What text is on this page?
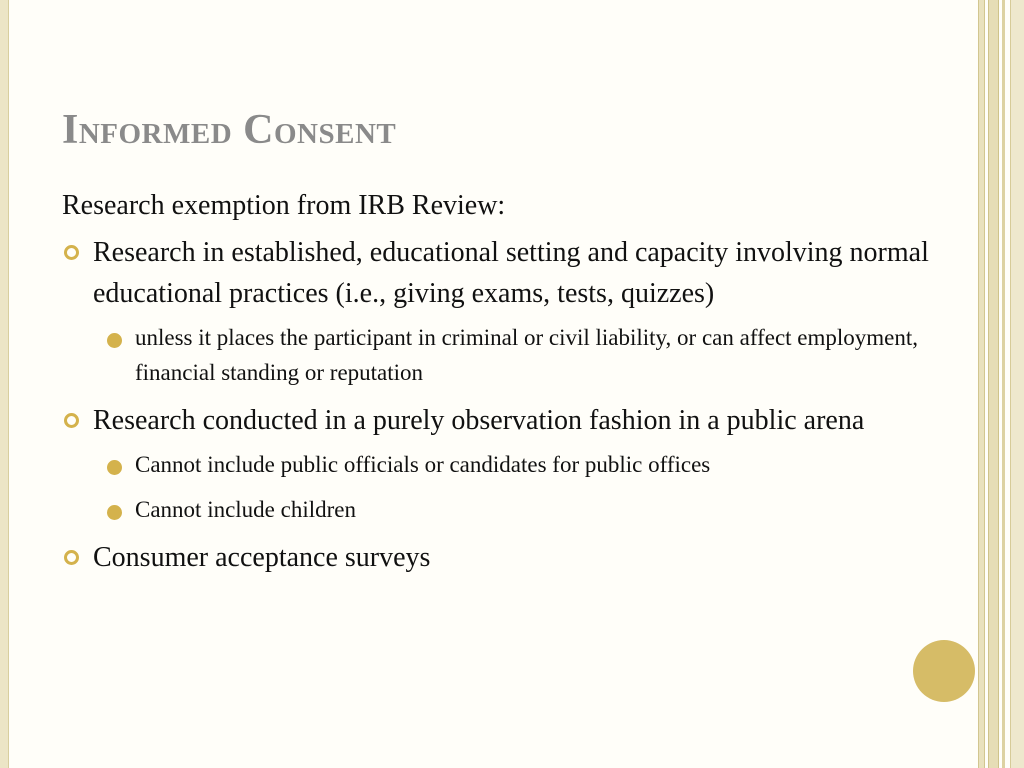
Informed Consent

Research exemption from IRB Review:

Research in established, educational setting and capacity involving normal educational practices (i.e., giving exams, tests, quizzes)
unless it places the participant in criminal or civil liability, or can affect employment, financial standing or reputation
Research conducted in a purely observation fashion in a public arena
Cannot include public officials or candidates for public offices
Cannot include children
Consumer acceptance surveys
